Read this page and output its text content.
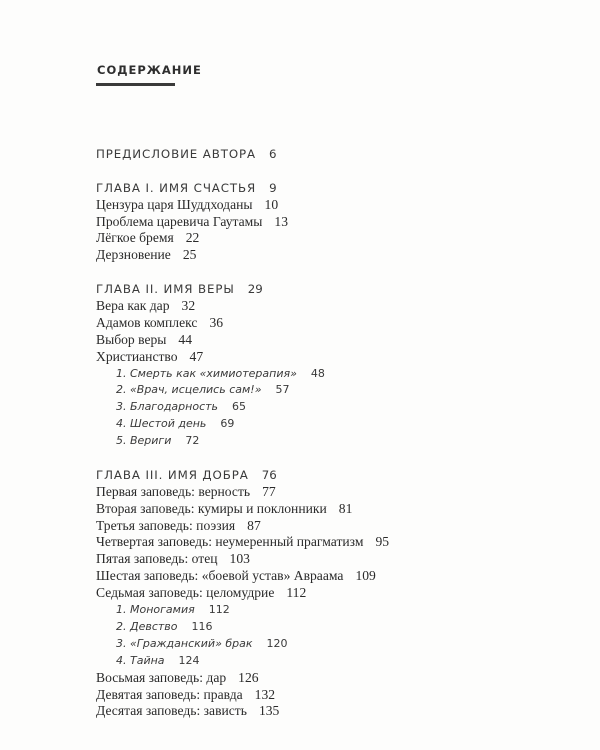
СОДЕРЖАНИЕ
ПРЕДИСЛОВИЕ АВТОРА 6
ГЛАВА I. ИМЯ СЧАСТЬЯ 9
Цензура царя Шуддходаны 10
Проблема царевича Гаутамы 13
Лёгкое бремя 22
Дерзновение 25
ГЛАВА II. ИМЯ ВЕРЫ 29
Вера как дар 32
Адамов комплекс 36
Выбор веры 44
Христианство 47
1. Смерть как «химиотерапия» 48
2. «Врач, исцелись сам!» 57
3. Благодарность 65
4. Шестой день 69
5. Вериги 72
ГЛАВА III. ИМЯ ДОБРА 76
Первая заповедь: верность 77
Вторая заповедь: кумиры и поклонники 81
Третья заповедь: поэзия 87
Четвертая заповедь: неумеренный прагматизм 95
Пятая заповедь: отец 103
Шестая заповедь: «боевой устав» Авраама 109
Седьмая заповедь: целомудрие 112
1. Моногамия 112
2. Девство 116
3. «Гражданский» брак 120
4. Тайна 124
Восьмая заповедь: дар 126
Девятая заповедь: правда 132
Десятая заповедь: зависть 135
